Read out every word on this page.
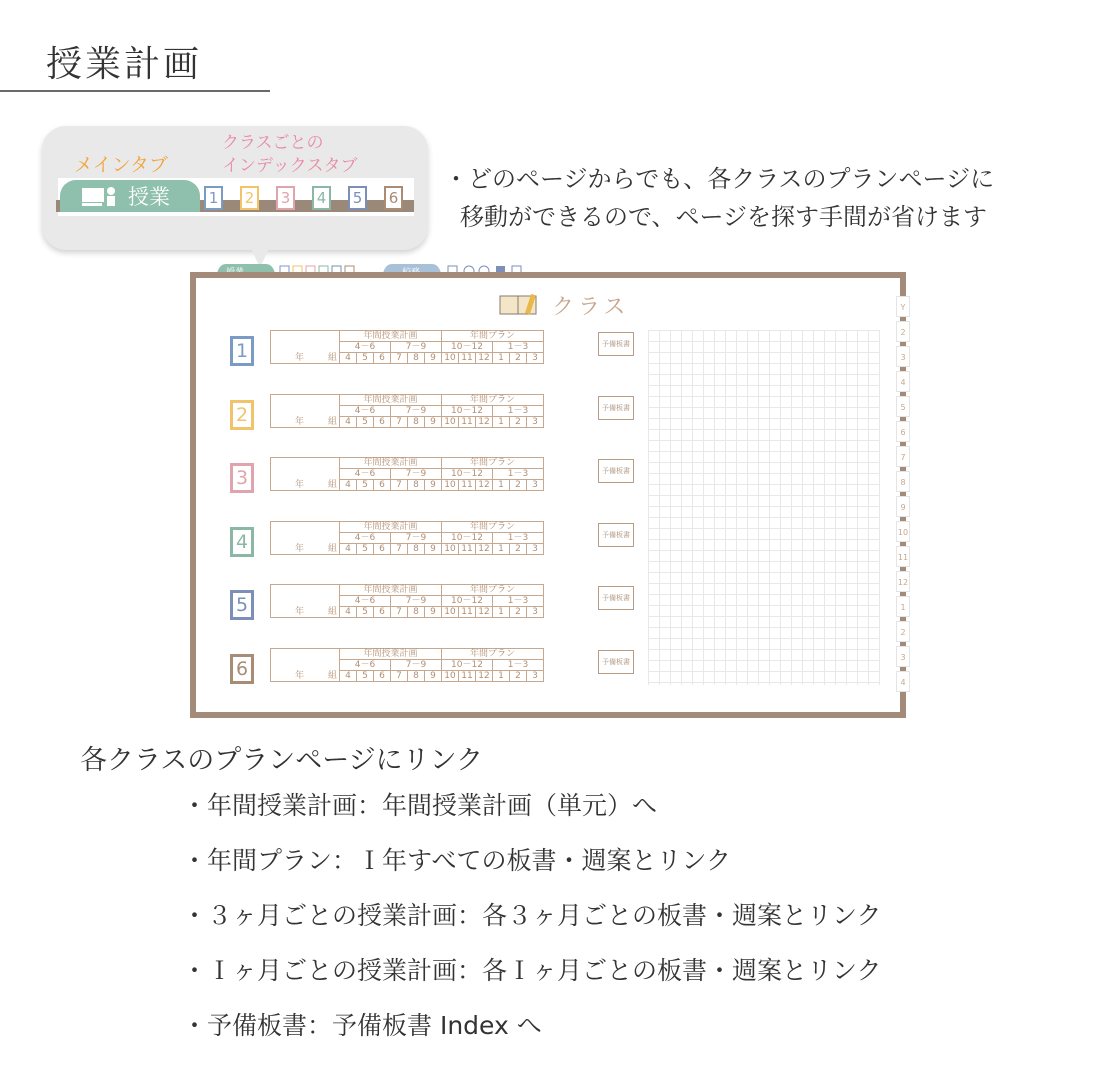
授業計画
メインタブ
クラスごとの
インデックスタブ
授業	1	2	3	4	5	6
・どのページからでも、各クラスのプランページに
移動ができるので、ページを探す手間が省けます
クラス	Y
2
3
4
5
6
7
8
9
10
11
12
1
2
3
4
1	年 組	年間授業計画						年間プラン					
	4－6			7－9			10－12			1－3		
	4	5	6	7	8	9	10	11	12	1	2	3
予備板書
2	年 組	年間授業計画						年間プラン					
	4－6			7－9			10－12			1－3		
	4	5	6	7	8	9	10	11	12	1	2	3
予備板書
3	年 組	年間授業計画						年間プラン					
	4－6			7－9			10－12			1－3		
	4	5	6	7	8	9	10	11	12	1	2	3
予備板書
4	年 組	年間授業計画						年間プラン					
	4－6			7－9			10－12			1－3		
	4	5	6	7	8	9	10	11	12	1	2	3
予備板書
5	年 組	年間授業計画						年間プラン					
	4－6			7－9			10－12			1－3		
	4	5	6	7	8	9	10	11	12	1	2	3
予備板書
6	年 組	年間授業計画						年間プラン					
	4－6			7－9			10－12			1－3		
	4	5	6	7	8	9	10	11	12	1	2	3
予備板書
各クラスのプランページにリンク
・年間授業計画：年間授業計画（単元）へ
・年間プラン：Ｉ年すべての板書・週案とリンク
・３ヶ月ごとの授業計画：各３ヶ月ごとの板書・週案とリンク
・Ｉヶ月ごとの授業計画：各Ｉヶ月ごとの板書・週案とリンク
・予備板書：予備板書 Index へ
